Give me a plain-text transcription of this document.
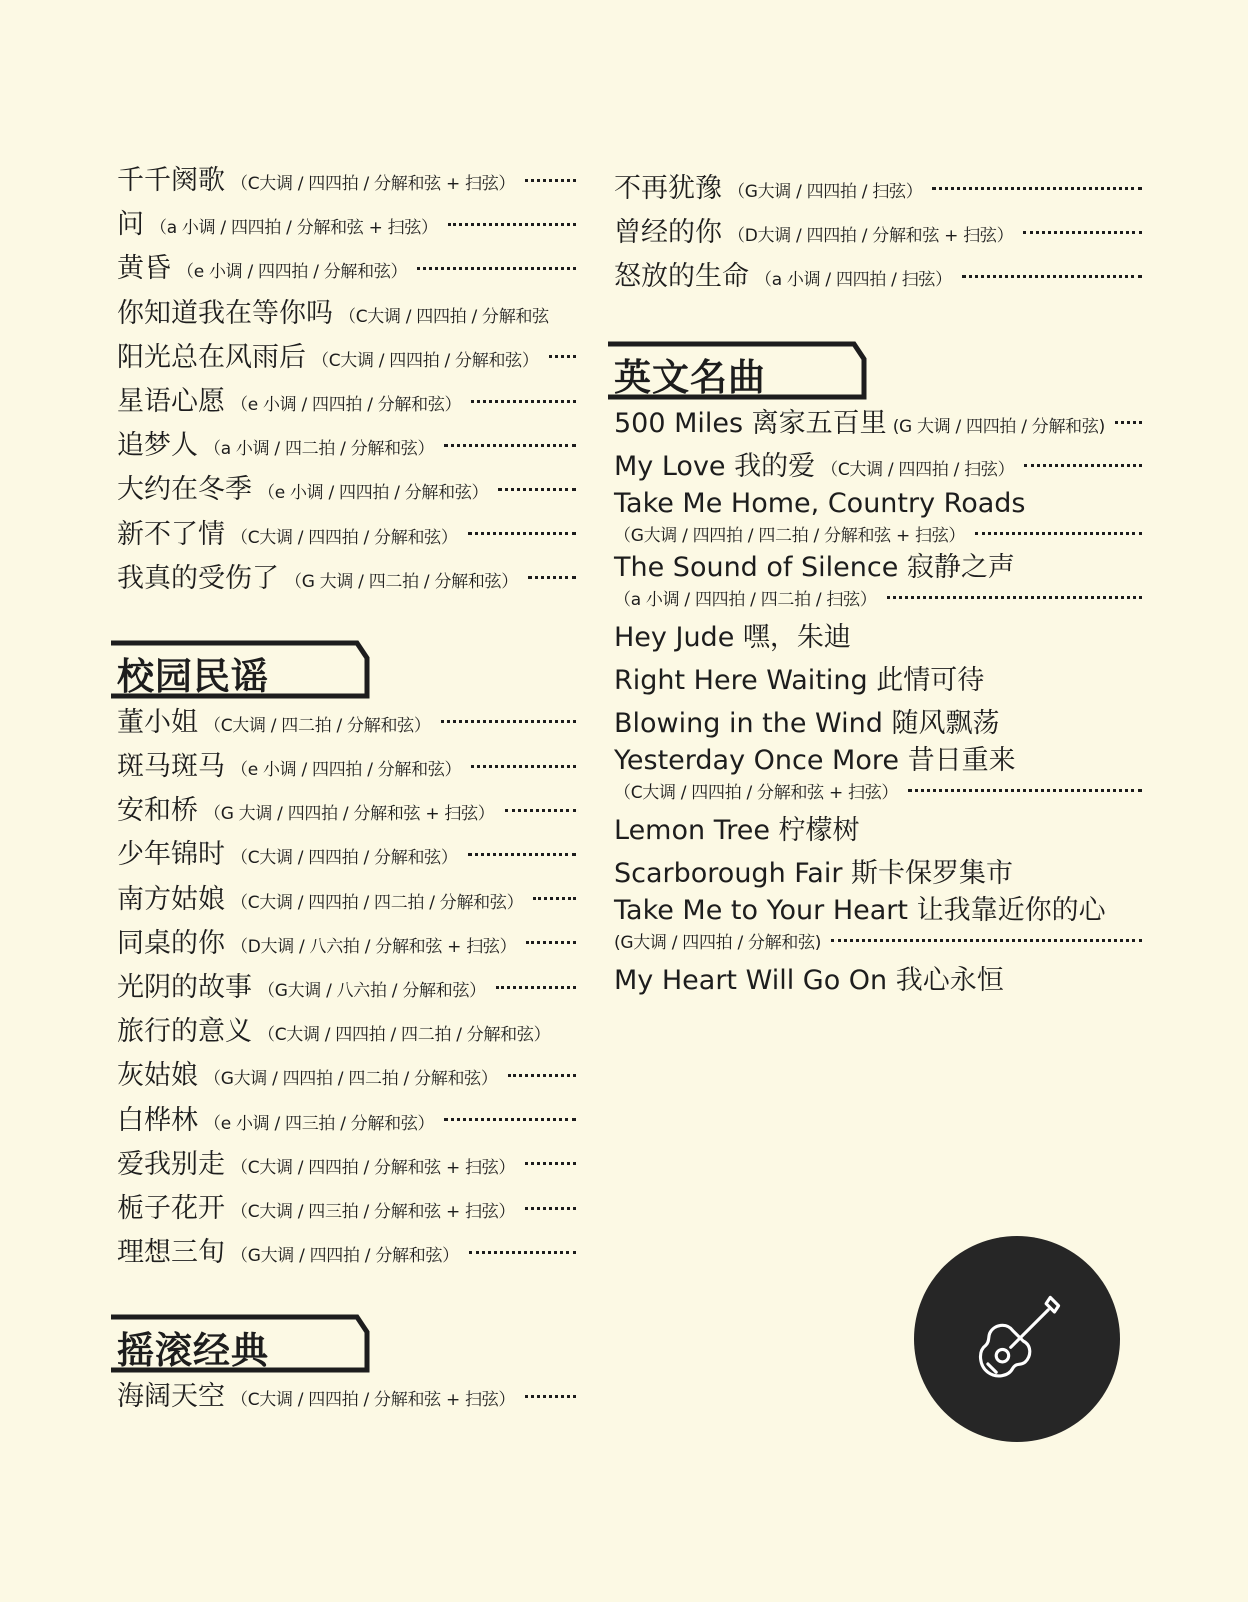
千千阕歌 （C大调 / 四四拍 / 分解和弦 + 扫弦）
问 （a 小调 / 四四拍 / 分解和弦 + 扫弦）
黄昏 （e 小调 / 四四拍 / 分解和弦）
你知道我在等你吗 （C大调 / 四四拍 / 分解和弦
阳光总在风雨后 （C大调 / 四四拍 / 分解和弦）
星语心愿 （e 小调 / 四四拍 / 分解和弦）
追梦人 （a 小调 / 四二拍 / 分解和弦）
大约在冬季 （e 小调 / 四四拍 / 分解和弦）
新不了情 （C大调 / 四四拍 / 分解和弦）
我真的受伤了 （G 大调 / 四二拍 / 分解和弦）
校园民谣
董小姐 （C大调 / 四二拍 / 分解和弦）
斑马斑马 （e 小调 / 四四拍 / 分解和弦）
安和桥 （G 大调 / 四四拍 / 分解和弦 + 扫弦）
少年锦时 （C大调 / 四四拍 / 分解和弦）
南方姑娘 （C大调 / 四四拍 / 四二拍 / 分解和弦）
同桌的你 （D大调 / 八六拍 / 分解和弦 + 扫弦）
光阴的故事 （G大调 / 八六拍 / 分解和弦）
旅行的意义 （C大调 / 四四拍 / 四二拍 / 分解和弦）
灰姑娘 （G大调 / 四四拍 / 四二拍 / 分解和弦）
白桦林 （e 小调 / 四三拍 / 分解和弦）
爱我别走 （C大调 / 四四拍 / 分解和弦 + 扫弦）
栀子花开 （C大调 / 四三拍 / 分解和弦 + 扫弦）
理想三旬 （G大调 / 四四拍 / 分解和弦）
摇滚经典
海阔天空 （C大调 / 四四拍 / 分解和弦 + 扫弦）
不再犹豫 （G大调 / 四四拍 / 扫弦）
曾经的你 （D大调 / 四四拍 / 分解和弦 + 扫弦）
怒放的生命 （a 小调 / 四四拍 / 扫弦）
英文名曲
500 Miles 离家五百里 (G 大调 / 四四拍 / 分解和弦)
My Love 我的爱 （C大调 / 四四拍 / 扫弦）
Take Me Home, Country Roads
（G大调 / 四四拍 / 四二拍 / 分解和弦 + 扫弦）
The Sound of Silence 寂静之声
（a 小调 / 四四拍 / 四二拍 / 扫弦）
Hey Jude 嘿，朱迪
Right Here Waiting 此情可待
Blowing in the Wind 随风飘荡
Yesterday Once More 昔日重来
（C大调 / 四四拍 / 分解和弦 + 扫弦）
Lemon Tree 柠檬树
Scarborough Fair 斯卡保罗集市
Take Me to Your Heart 让我靠近你的心
(G大调 / 四四拍 / 分解和弦)
My Heart Will Go On 我心永恒
